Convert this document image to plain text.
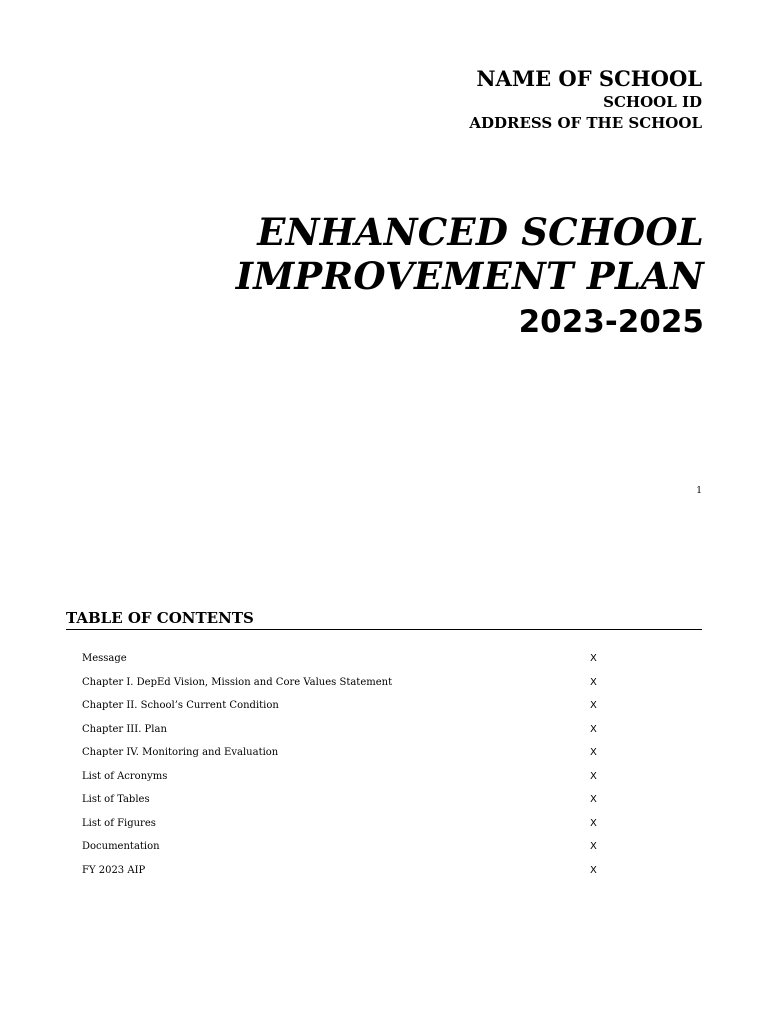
NAME OF SCHOOL

SCHOOL ID

ADDRESS OF THE SCHOOL

ENHANCED SCHOOL

IMPROVEMENT PLAN

2023-2025

1
TABLE OF CONTENTS
Message	X
Chapter I. DepEd Vision, Mission and Core Values Statement	X
Chapter II. School’s Current Condition	X
Chapter III. Plan	X
Chapter IV. Monitoring and Evaluation	X
List of Acronyms	X
List of Tables	X
List of Figures	X
Documentation	X
FY 2023 AIP	X
